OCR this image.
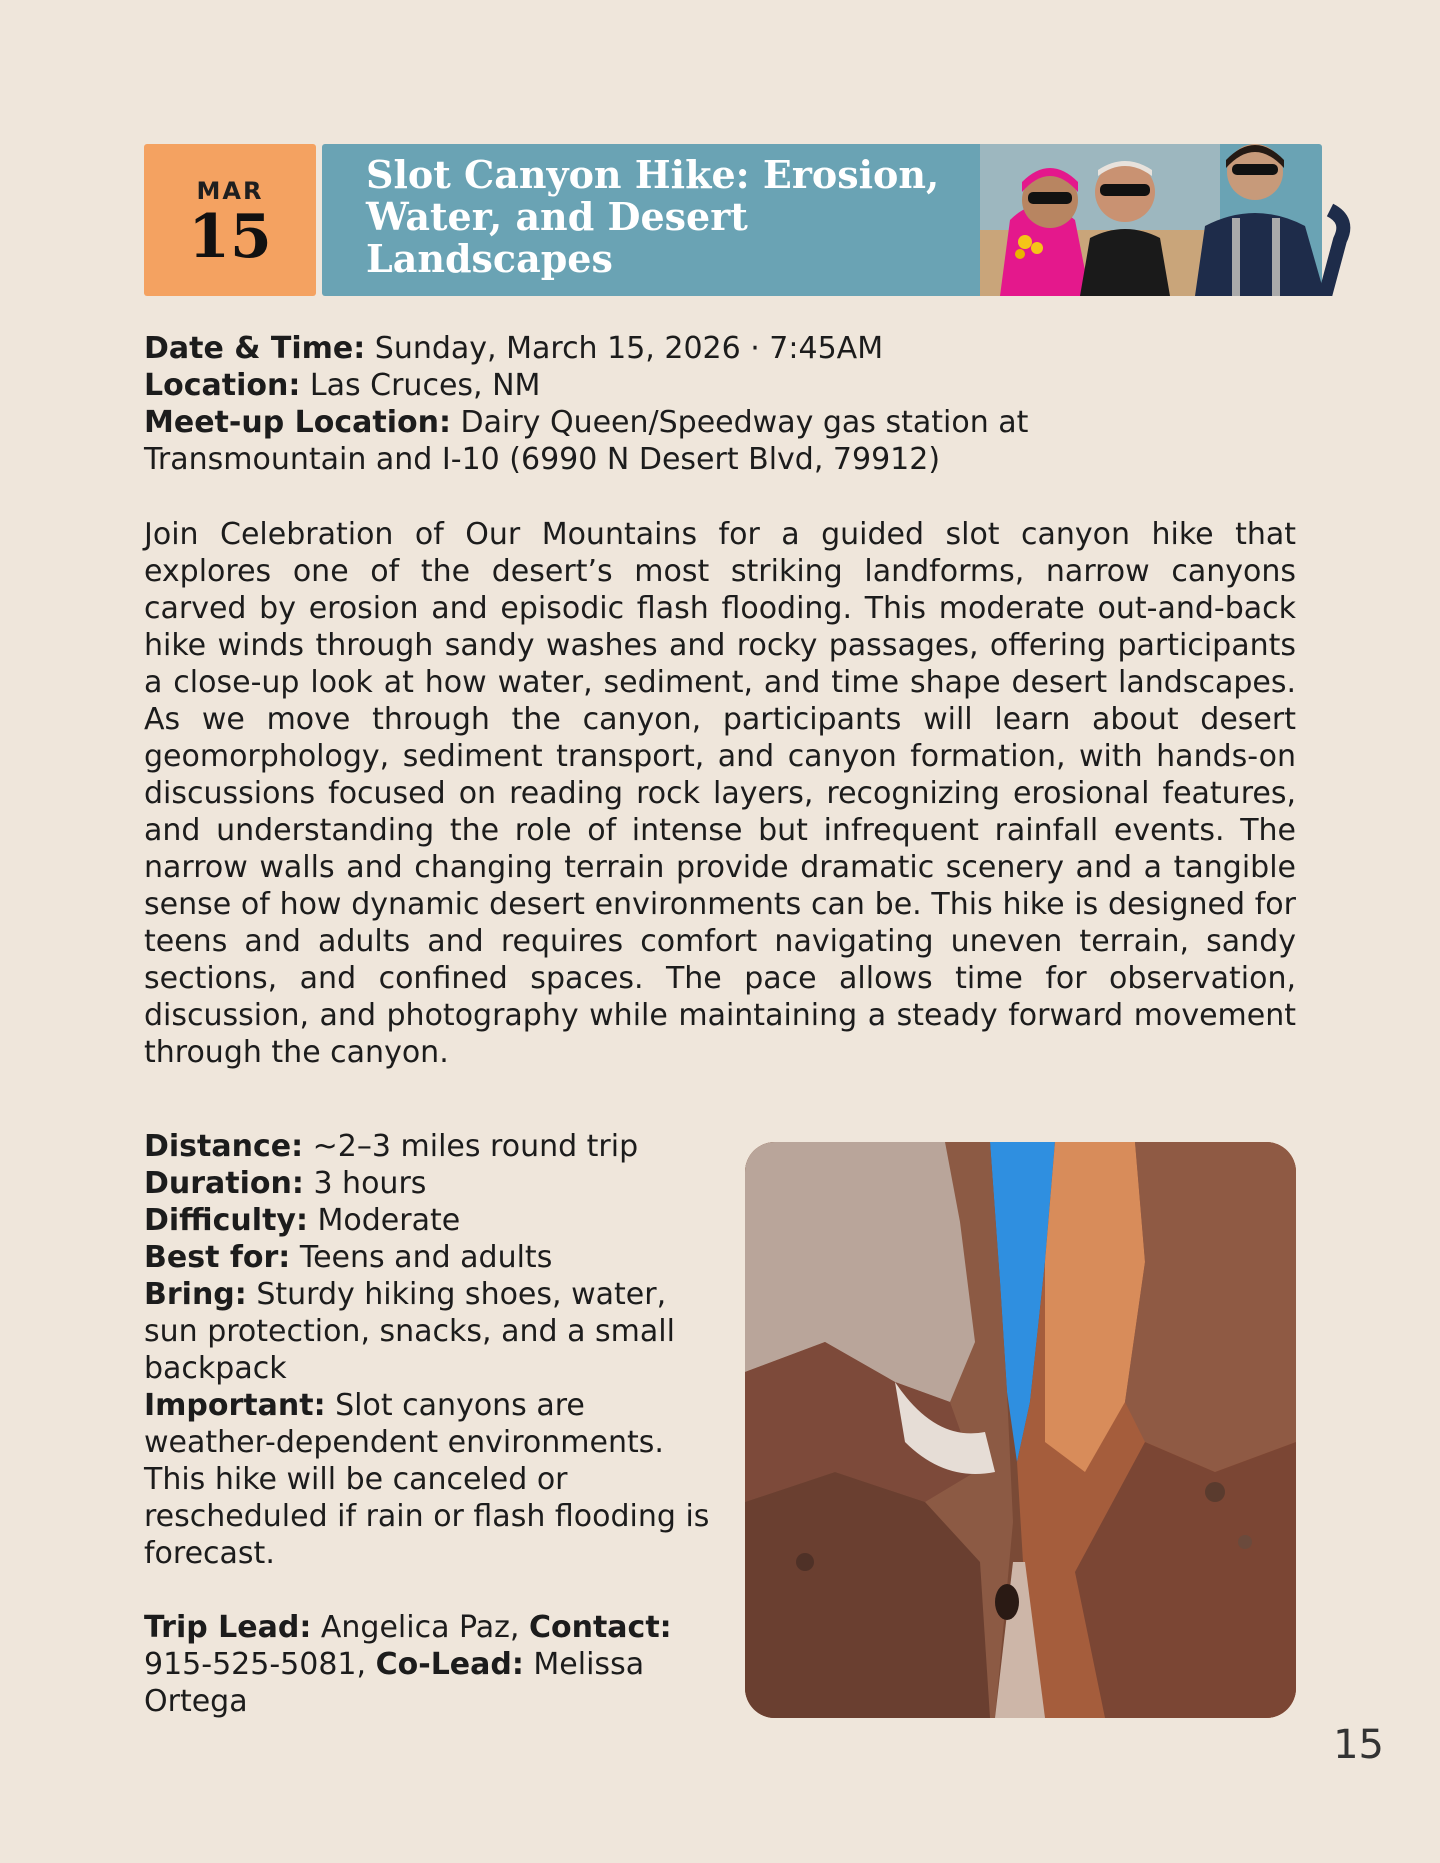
MAR
15
Slot Canyon Hike: Erosion,
Water, and Desert
Landscapes

Date & Time: Sunday, March 15, 2026 · 7:45AM

Location: Las Cruces, NM

Meet-up Location: Dairy Queen/Speedway gas station at Transmountain and I-10 (6990 N Desert Blvd, 79912)

Join Celebration of Our Mountains for a guided slot canyon hike that explores one of the desert’s most striking landforms, narrow canyons carved by erosion and episodic flash flooding. This moderate out-and-back hike winds through sandy washes and rocky passages, offering participants a close-up look at how water, sediment, and time shape desert landscapes. As we move through the canyon, participants will learn about desert geomorphology, sediment transport, and canyon formation, with hands-on discussions focused on reading rock layers, recognizing erosional features, and understanding the role of intense but infrequent rainfall events. The narrow walls and changing terrain provide dramatic scenery and a tangible sense of how dynamic desert environments can be. This hike is designed for teens and adults and requires comfort navigating uneven terrain, sandy sections, and confined spaces. The pace allows time for observation, discussion, and photography while maintaining a steady forward movement through the canyon.

Distance: ~2–3 miles round trip

Duration: 3 hours

Difficulty: Moderate

Best for: Teens and adults

Bring: Sturdy hiking shoes, water, sun protection, snacks, and a small backpack

Important: Slot canyons are weather-dependent environments. This hike will be canceled or rescheduled if rain or flash flooding is forecast.

Trip Lead: Angelica Paz, Contact: 915-525-5081, Co-Lead: Melissa Ortega

15
